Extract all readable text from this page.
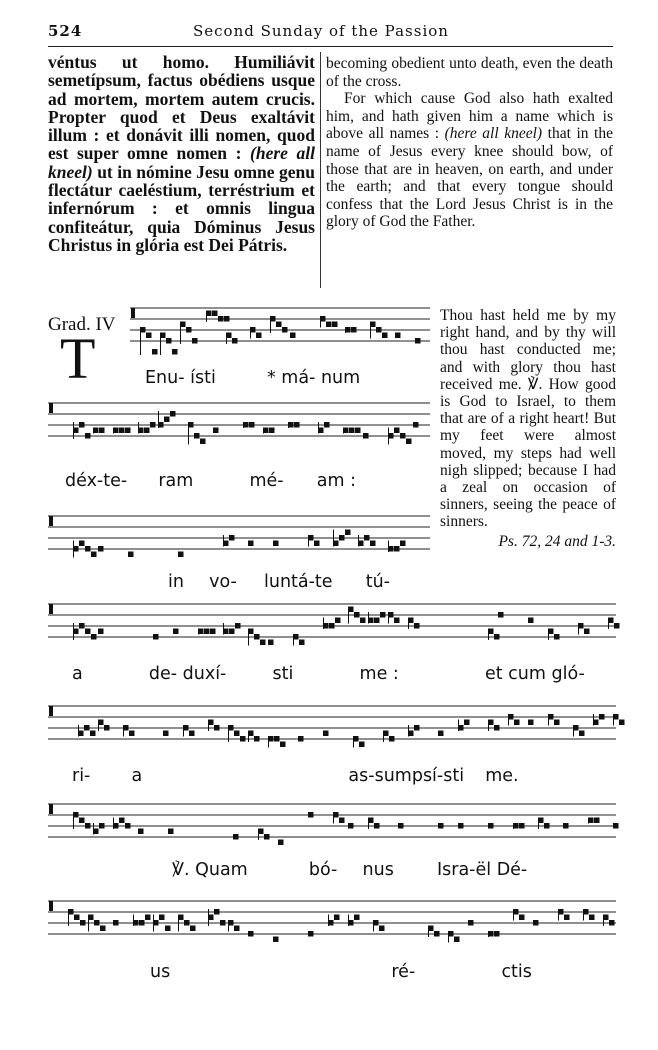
524	Second Sunday of the Passion

véntus ut homo. Humiliávit semetípsum, factus obédiens usque ad mortem, mortem autem crucis. Propter quod et Deus exaltávit illum : et donávit illi nomen, quod est super omne nomen : (here all kneel) ut in nómine Jesu omne genu flectátur caeléstium, terréstrium et infernórum : et omnis lingua confiteátur, quia Dóminus Jesus Christus in glória est Dei Pátris.

becoming obedient unto death, even the death of the cross.

For which cause God also hath exalted him, and hath given him a name which is above all names : (here all kneel) that in the name of Jesus every knee should bow, of those that are in heaven, on earth, and under the earth; and that every tongue should confess that the Lord Jesus Christ is in the glory of God the Father.

Grad. IV
T

Thou hast held me by my right hand, and by thy will thou hast conducted me; and with glory thou hast received me. ℣. How good is God to Israel, to them that are of a right heart! But my feet were almost moved, my steps had well nigh slipped; because I had a zeal on occasion of sinners, seeing the peace of sinners.

Ps. 72, 24 and 1-3.

Enu- ísti	* má- num
déx-te- ram	mé- am :
in vo- luntá-te tú-
a	de- duxí-	sti	me :	et cum gló-
ri- a	as-sumpsí-sti me.
℣. Quam	bó- nus Isra-ël Dé-
us	ré-	ctis
